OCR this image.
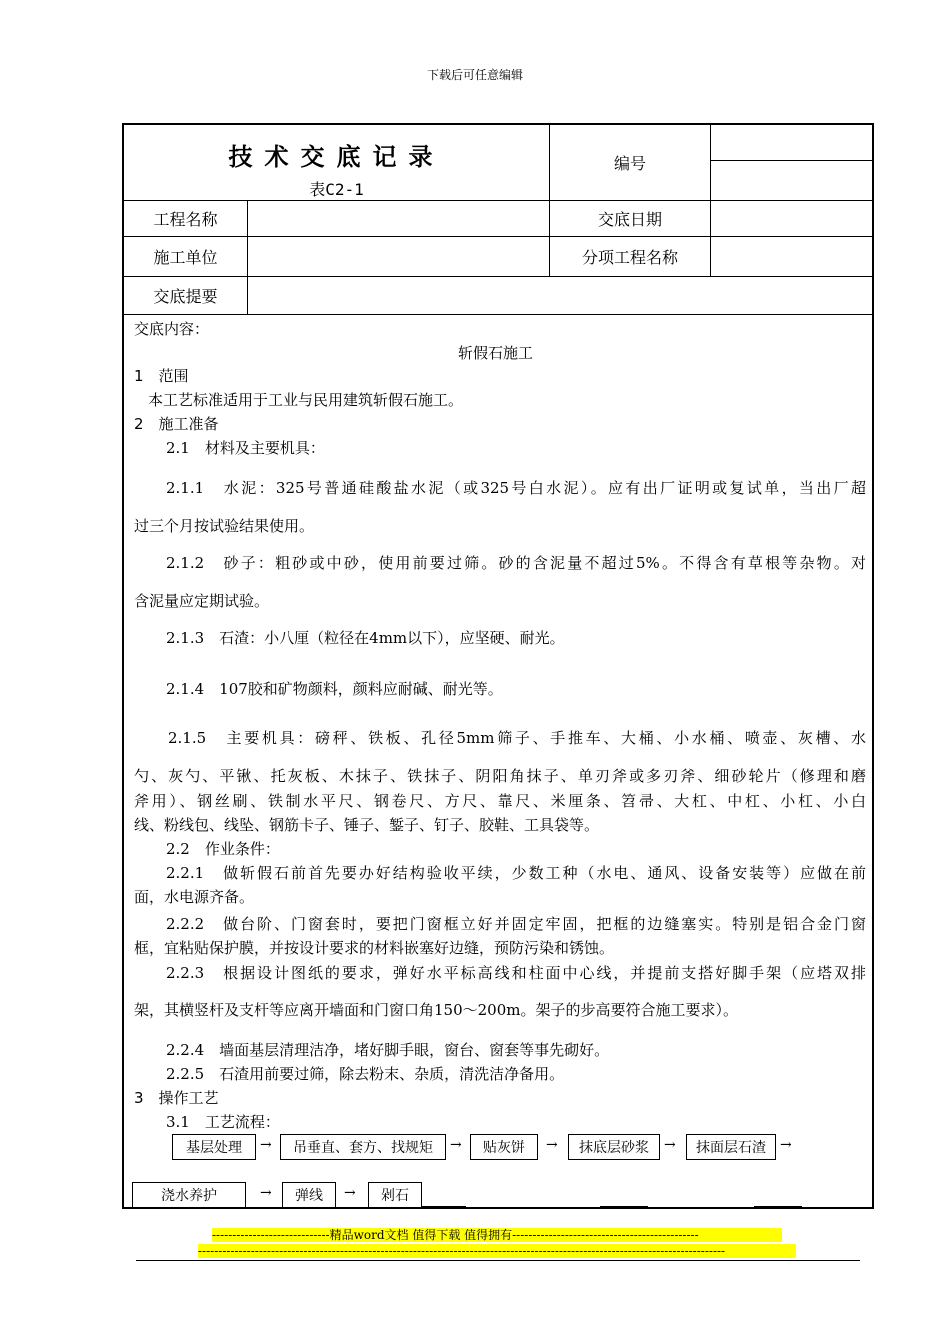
下载后可任意编辑
技术交底记录
表C2-1
编号
工程名称	交底日期
施工单位	分项工程名称
交底提要
交底内容：
斩假石施工
1　范围
本工艺标准适用于工业与民用建筑斩假石施工。
2　施工准备
2.1　材料及主要机具：
2.1.1　水泥：325号普通硅酸盐水泥（或325号白水泥）。应有出厂证明或复试单，当出厂超
过三个月按试验结果使用。
2.1.2　砂子：粗砂或中砂，使用前要过筛。砂的含泥量不超过5%。不得含有草根等杂物。对
含泥量应定期试验。
2.1.3　石渣：小八厘（粒径在4mm以下），应坚硬、耐光。
2.1.4　107胶和矿物颜料，颜料应耐碱、耐光等。
2.1.5　主要机具：磅秤、铁板、孔径5mm筛子、手推车、大桶、小水桶、喷壶、灰槽、水
勺、灰勺、平锹、托灰板、木抹子、铁抹子、阴阳角抹子、单刃斧或多刃斧、细砂轮片（修理和磨
斧用）、钢丝刷、铁制水平尺、钢卷尺、方尺、靠尺、米厘条、笤帚、大杠、中杠、小杠、小白
线、粉线包、线坠、钢筋卡子、锤子、錾子、钉子、胶鞋、工具袋等。
2.2　作业条件：
2.2.1　做斩假石前首先要办好结构验收平续，少数工种（水电、通风、设备安装等）应做在前
面，水电源齐备。
2.2.2　做台阶、门窗套时，要把门窗框立好并固定牢固，把框的边缝塞实。特别是铝合金门窗
框，宜粘贴保护膜，并按设计要求的材料嵌塞好边缝，预防污染和锈蚀。
2.2.3　根据设计图纸的要求，弹好水平标高线和柱面中心线，并提前支搭好脚手架（应塔双排
架，其横竖杆及支杆等应离开墙面和门窗口角150～200m。架子的步高要符合施工要求）。
2.2.4　墙面基层清理洁净，堵好脚手眼，窗台、窗套等事先砌好。
2.2.5　石渣用前要过筛，除去粉末、杂质，清洗洁净备用。
3　操作工艺
3.1　工艺流程：
基层处理	→	吊垂直、套方、找规矩	→	贴灰饼	→	抹底层砂浆	→	抹面层石渣	→
浇水养护	→	弹线	→	剁石
-----------------------------精品word文档 值得下载 值得拥有----------------------------------------------
----------------------------------------------------------------------------------------------------------------------------------
